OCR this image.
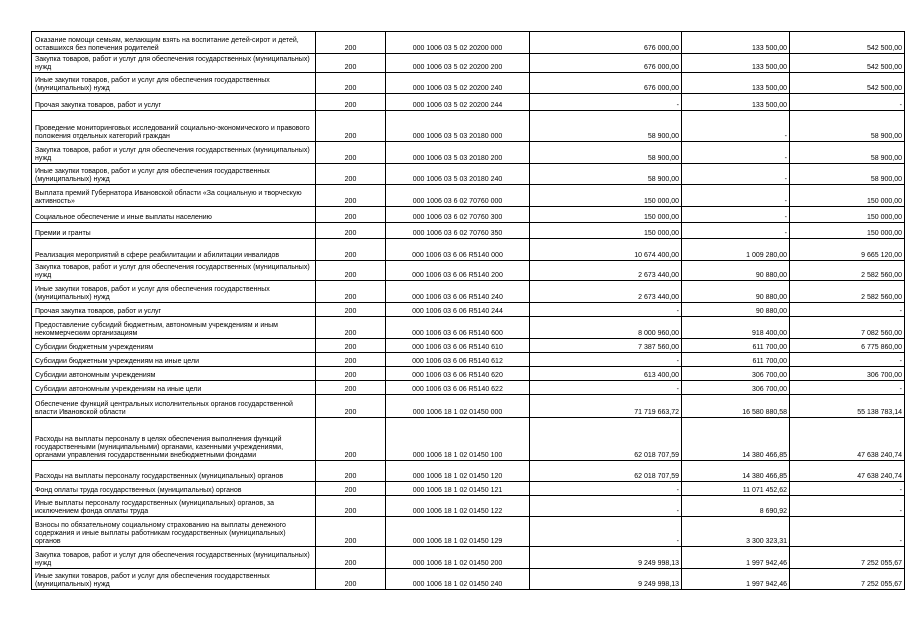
Оказание помощи семьям, желающим взять на воспитание детей-сирот и детей, оставшихся без попечения родителей	200	000 1006 03 5 02 20200 000	676 000,00	133 500,00	542 500,00
Закупка товаров, работ и услуг для обеспечения государственных (муниципальных) нужд	200	000 1006 03 5 02 20200 200	676 000,00	133 500,00	542 500,00
Иные закупки товаров, работ и услуг для обеспечения государственных (муниципальных) нужд	200	000 1006 03 5 02 20200 240	676 000,00	133 500,00	542 500,00
Прочая закупка товаров, работ и услуг	200	000 1006 03 5 02 20200 244	-	133 500,00	-
Проведение мониторинговых исследований социально-экономического и правового положения отдельных категорий граждан	200	000 1006 03 5 03 20180 000	58 900,00	-	58 900,00
Закупка товаров, работ и услуг для обеспечения государственных (муниципальных) нужд	200	000 1006 03 5 03 20180 200	58 900,00	-	58 900,00
Иные закупки товаров, работ и услуг для обеспечения государственных (муниципальных) нужд	200	000 1006 03 5 03 20180 240	58 900,00	-	58 900,00
Выплата премий Губернатора Ивановской области «За социальную и творческую активность»	200	000 1006 03 6 02 70760 000	150 000,00	-	150 000,00
Социальное обеспечение и иные выплаты населению	200	000 1006 03 6 02 70760 300	150 000,00	-	150 000,00
Премии и гранты	200	000 1006 03 6 02 70760 350	150 000,00	-	150 000,00
Реализация мероприятий в сфере реабилитации и абилитации инвалидов	200	000 1006 03 6 06 R5140 000	10 674 400,00	1 009 280,00	9 665 120,00
Закупка товаров, работ и услуг для обеспечения государственных (муниципальных) нужд	200	000 1006 03 6 06 R5140 200	2 673 440,00	90 880,00	2 582 560,00
Иные закупки товаров, работ и услуг для обеспечения государственных (муниципальных) нужд	200	000 1006 03 6 06 R5140 240	2 673 440,00	90 880,00	2 582 560,00
Прочая закупка товаров, работ и услуг	200	000 1006 03 6 06 R5140 244	-	90 880,00	-
Предоставление субсидий бюджетным, автономным учреждениям и иным некоммерческим организациям	200	000 1006 03 6 06 R5140 600	8 000 960,00	918 400,00	7 082 560,00
Субсидии бюджетным учреждениям	200	000 1006 03 6 06 R5140 610	7 387 560,00	611 700,00	6 775 860,00
Субсидии бюджетным учреждениям на иные цели	200	000 1006 03 6 06 R5140 612	-	611 700,00	-
Субсидии автономным учреждениям	200	000 1006 03 6 06 R5140 620	613 400,00	306 700,00	306 700,00
Субсидии автономным учреждениям на иные цели	200	000 1006 03 6 06 R5140 622	-	306 700,00	-
Обеспечение функций центральных исполнительных органов государственной власти Ивановской области	200	000 1006 18 1 02 01450 000	71 719 663,72	16 580 880,58	55 138 783,14
Расходы на выплаты персоналу в целях обеспечения выполнения функций государственными (муниципальными) органами, казенными учреждениями, органами управления государственными внебюджетными фондами	200	000 1006 18 1 02 01450 100	62 018 707,59	14 380 466,85	47 638 240,74
Расходы на выплаты персоналу государственных (муниципальных) органов	200	000 1006 18 1 02 01450 120	62 018 707,59	14 380 466,85	47 638 240,74
Фонд оплаты труда государственных (муниципальных) органов	200	000 1006 18 1 02 01450 121	-	11 071 452,62	-
Иные выплаты персоналу государственных (муниципальных) органов, за исключением фонда оплаты труда	200	000 1006 18 1 02 01450 122	-	8 690,92	-
Взносы по обязательному социальному страхованию на выплаты денежного содержания и иные выплаты работникам государственных (муниципальных) органов	200	000 1006 18 1 02 01450 129	-	3 300 323,31	-
Закупка товаров, работ и услуг для обеспечения государственных (муниципальных) нужд	200	000 1006 18 1 02 01450 200	9 249 998,13	1 997 942,46	7 252 055,67
Иные закупки товаров, работ и услуг для обеспечения государственных (муниципальных) нужд	200	000 1006 18 1 02 01450 240	9 249 998,13	1 997 942,46	7 252 055,67
